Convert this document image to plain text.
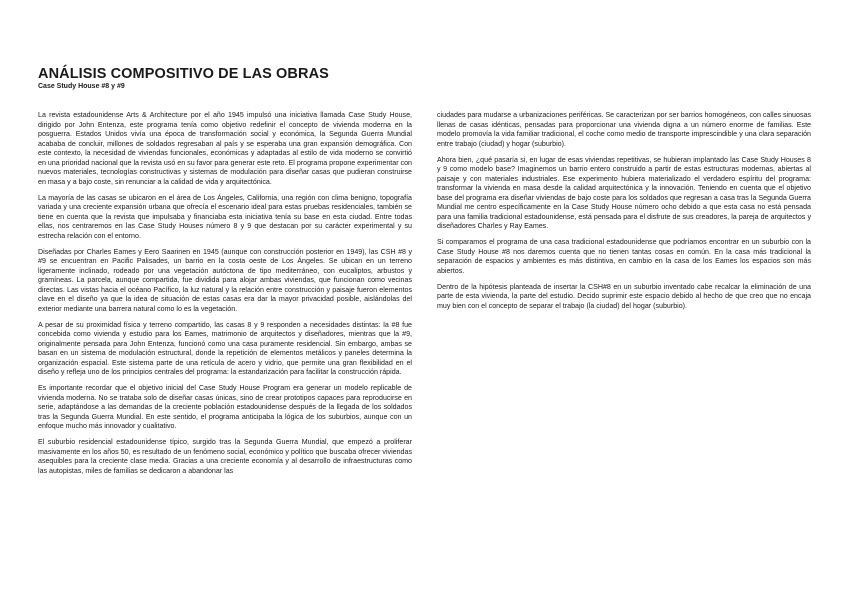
ANÁLISIS COMPOSITIVO DE LAS OBRAS
Case Study House #8 y #9

La revista estadounidense Arts & Architecture por el año 1945 impulsó una iniciativa llamada Case Study House, dirigido por John Entenza, este programa tenía como objetivo redefinir el concepto de vivienda moderna en la posguerra. Estados Unidos vivía una época de transformación social y económica, la Segunda Guerra Mundial acababa de concluir, millones de soldados regresaban al país y se esperaba una gran expansión demográfica. Con este contexto, la necesidad de viviendas funcionales, económicas y adaptadas al estilo de vida moderno se convirtió en una prioridad nacional que la revista usó en su favor para generar este reto. El programa propone experimentar con nuevos materiales, tecnologías constructivas y sistemas de modulación para diseñar casas que pudieran construirse en masa y a bajo coste, sin renunciar a la calidad de vida y arquitectónica.

La mayoría de las casas se ubicaron en el área de Los Ángeles, California, una región con clima benigno, topografía variada y una creciente expansión urbana que ofrecía el escenario ideal para estas pruebas residenciales, también se tiene en cuenta que la revista que impulsaba y financiaba esta iniciativa tenía su base en esta ciudad. Entre todas ellas, nos centraremos en las Case Study Houses número 8 y 9 que destacan por su carácter experimental y su estrecha relación con el entorno.

Diseñadas por Charles Eames y Eero Saarinen en 1945 (aunque con construcción posterior en 1949), las CSH #8 y #9 se encuentran en Pacific Palisades, un barrio en la costa oeste de Los Ángeles. Se ubican en un terreno ligeramente inclinado, rodeado por una vegetación autóctona de tipo mediterráneo, con eucaliptos, arbustos y gramíneas. La parcela, aunque compartida, fue dividida para alojar ambas viviendas, que funcionan como vecinas directas. Las vistas hacia el océano Pacífico, la luz natural y la relación entre construcción y paisaje fueron elementos clave en el diseño ya que la idea de situación de estas casas era dar la mayor privacidad posible, aislándolas del exterior mediante una barrera natural como lo es la vegetación.

A pesar de su proximidad física y terreno compartido, las casas 8 y 9 responden a necesidades distintas: la #8 fue concebida como vivienda y estudio para los Eames, matrimonio de arquitectos y diseñadores, mientras que la #9, originalmente pensada para John Entenza, funcionó como una casa puramente residencial. Sin embargo, ambas se basan en un sistema de modulación estructural, donde la repetición de elementos metálicos y paneles determina la organización espacial. Este sistema parte de una retícula de acero y vidrio, que permite una gran flexibilidad en el diseño y refleja uno de los principios centrales del programa: la estandarización para facilitar la construcción rápida.

Es importante recordar que el objetivo inicial del Case Study House Program era generar un modelo replicable de vivienda moderna. No se trataba solo de diseñar casas únicas, sino de crear prototipos capaces para reproducirse en serie, adaptándose a las demandas de la creciente población estadounidense después de la llegada de los soldados tras la Segunda Guerra Mundial. En este sentido, el programa anticipaba la lógica de los suburbios, aunque con un enfoque mucho más innovador y cualitativo.

El suburbio residencial estadounidense típico, surgido tras la Segunda Guerra Mundial, que empezó a proliferar masivamente en los años 50, es resultado de un fenómeno social, económico y político que buscaba ofrecer viviendas asequibles para la creciente clase media. Gracias a una creciente economía y al desarrollo de infraestructuras como las autopistas, miles de familias se dedicaron a abandonar las

ciudades para mudarse a urbanizaciones periféricas. Se caracterizan por ser barrios homogéneos, con calles sinuosas llenas de casas idénticas, pensadas para proporcionar una vivienda digna a un número enorme de familias. Este modelo promovía la vida familiar tradicional, el coche como medio de transporte imprescindible y una clara separación entre trabajo (ciudad) y hogar (suburbio).

Ahora bien, ¿qué pasaría si, en lugar de esas viviendas repetitivas, se hubieran implantado las Case Study Houses 8 y 9 como modelo base? Imaginemos un barrio entero construido a partir de estas estructuras modernas, abiertas al paisaje y con materiales industriales. Ese experimento hubiera materializado el verdadero espíritu del programa: transformar la vivienda en masa desde la calidad arquitectónica y la innovación. Teniendo en cuenta que el objetivo base del programa era diseñar viviendas de bajo coste para los soldados que regresan a casa tras la Segunda Guerra Mundial me centro específicamente en la Case Study House número ocho debido a que esta casa no está pensada para una familia tradicional estadounidense, está pensada para el disfrute de sus creadores, la pareja de arquitectos y diseñadores Charles y Ray Eames.

Si comparamos el programa de una casa tradicional estadounidense que podríamos encontrar en un suburbio con la Case Study House #8 nos daremos cuenta que no tienen tantas cosas en común. En la casa más tradicional la separación de espacios y ambientes es más distintiva, en cambio en la casa de los Eames los espacios son más abiertos.

Dentro de la hipótesis planteada de insertar la CSH#8 en un suburbio inventado cabe recalcar la eliminación de una parte de esta vivienda, la parte del estudio. Decido suprimir este espacio debido al hecho de que creo que no encaja muy bien con el concepto de separar el trabajo (la ciudad) del hogar (suburbio).
